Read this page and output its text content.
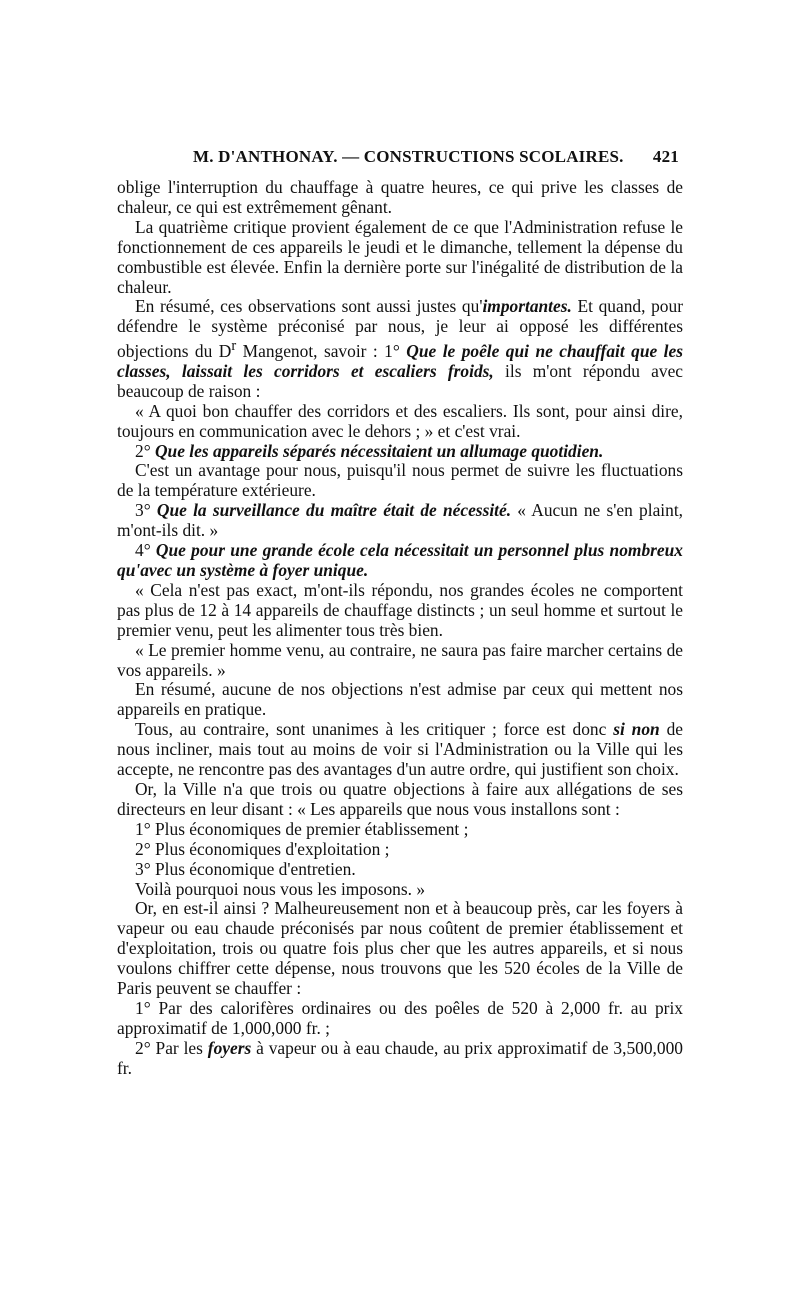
M. D'ANTHONAY. — CONSTRUCTIONS SCOLAIRES. 421

oblige l'interruption du chauffage à quatre heures, ce qui prive les classes de chaleur, ce qui est extrêmement gênant.

La quatrième critique provient également de ce que l'Administration refuse le fonctionnement de ces appareils le jeudi et le dimanche, tellement la dépense du combustible est élevée. Enfin la dernière porte sur l'inégalité de distribution de la chaleur.

En résumé, ces observations sont aussi justes qu'importantes. Et quand, pour défendre le système préconisé par nous, je leur ai opposé les différentes objections du $D^r$ Mangenot, savoir : 1° Que le poêle qui ne chauffait que les classes, laissait les corridors et escaliers froids, ils m'ont répondu avec beaucoup de raison :

« A quoi bon chauffer des corridors et des escaliers. Ils sont, pour ainsi dire, toujours en communication avec le dehors ; » et c'est vrai.

2° Que les appareils séparés nécessitaient un allumage quotidien.

C'est un avantage pour nous, puisqu'il nous permet de suivre les fluctuations de la température extérieure.

3° Que la surveillance du maître était de nécessité. « Aucun ne s'en plaint, m'ont-ils dit. »

4° Que pour une grande école cela nécessitait un personnel plus nombreux qu'avec un système à foyer unique.

« Cela n'est pas exact, m'ont-ils répondu, nos grandes écoles ne comportent pas plus de 12 à 14 appareils de chauffage distincts ; un seul homme et surtout le premier venu, peut les alimenter tous très bien.

« Le premier homme venu, au contraire, ne saura pas faire marcher certains de vos appareils. »

En résumé, aucune de nos objections n'est admise par ceux qui mettent nos appareils en pratique.

Tous, au contraire, sont unanimes à les critiquer ; force est donc si non de nous incliner, mais tout au moins de voir si l'Administration ou la Ville qui les accepte, ne rencontre pas des avantages d'un autre ordre, qui justifient son choix.

Or, la Ville n'a que trois ou quatre objections à faire aux allégations de ses directeurs en leur disant : « Les appareils que nous vous installons sont :

1° Plus économiques de premier établissement ;

2° Plus économiques d'exploitation ;

3° Plus économique d'entretien.

Voilà pourquoi nous vous les imposons. »

Or, en est-il ainsi ? Malheureusement non et à beaucoup près, car les foyers à vapeur ou eau chaude préconisés par nous coûtent de premier établissement et d'exploitation, trois ou quatre fois plus cher que les autres appareils, et si nous voulons chiffrer cette dépense, nous trouvons que les 520 écoles de la Ville de Paris peuvent se chauffer :

1° Par des calorifères ordinaires ou des poêles de 520 à 2,000 fr. au prix approximatif de 1,000,000 fr. ;

2° Par les foyers à vapeur ou à eau chaude, au prix approximatif de 3,500,000 fr.
